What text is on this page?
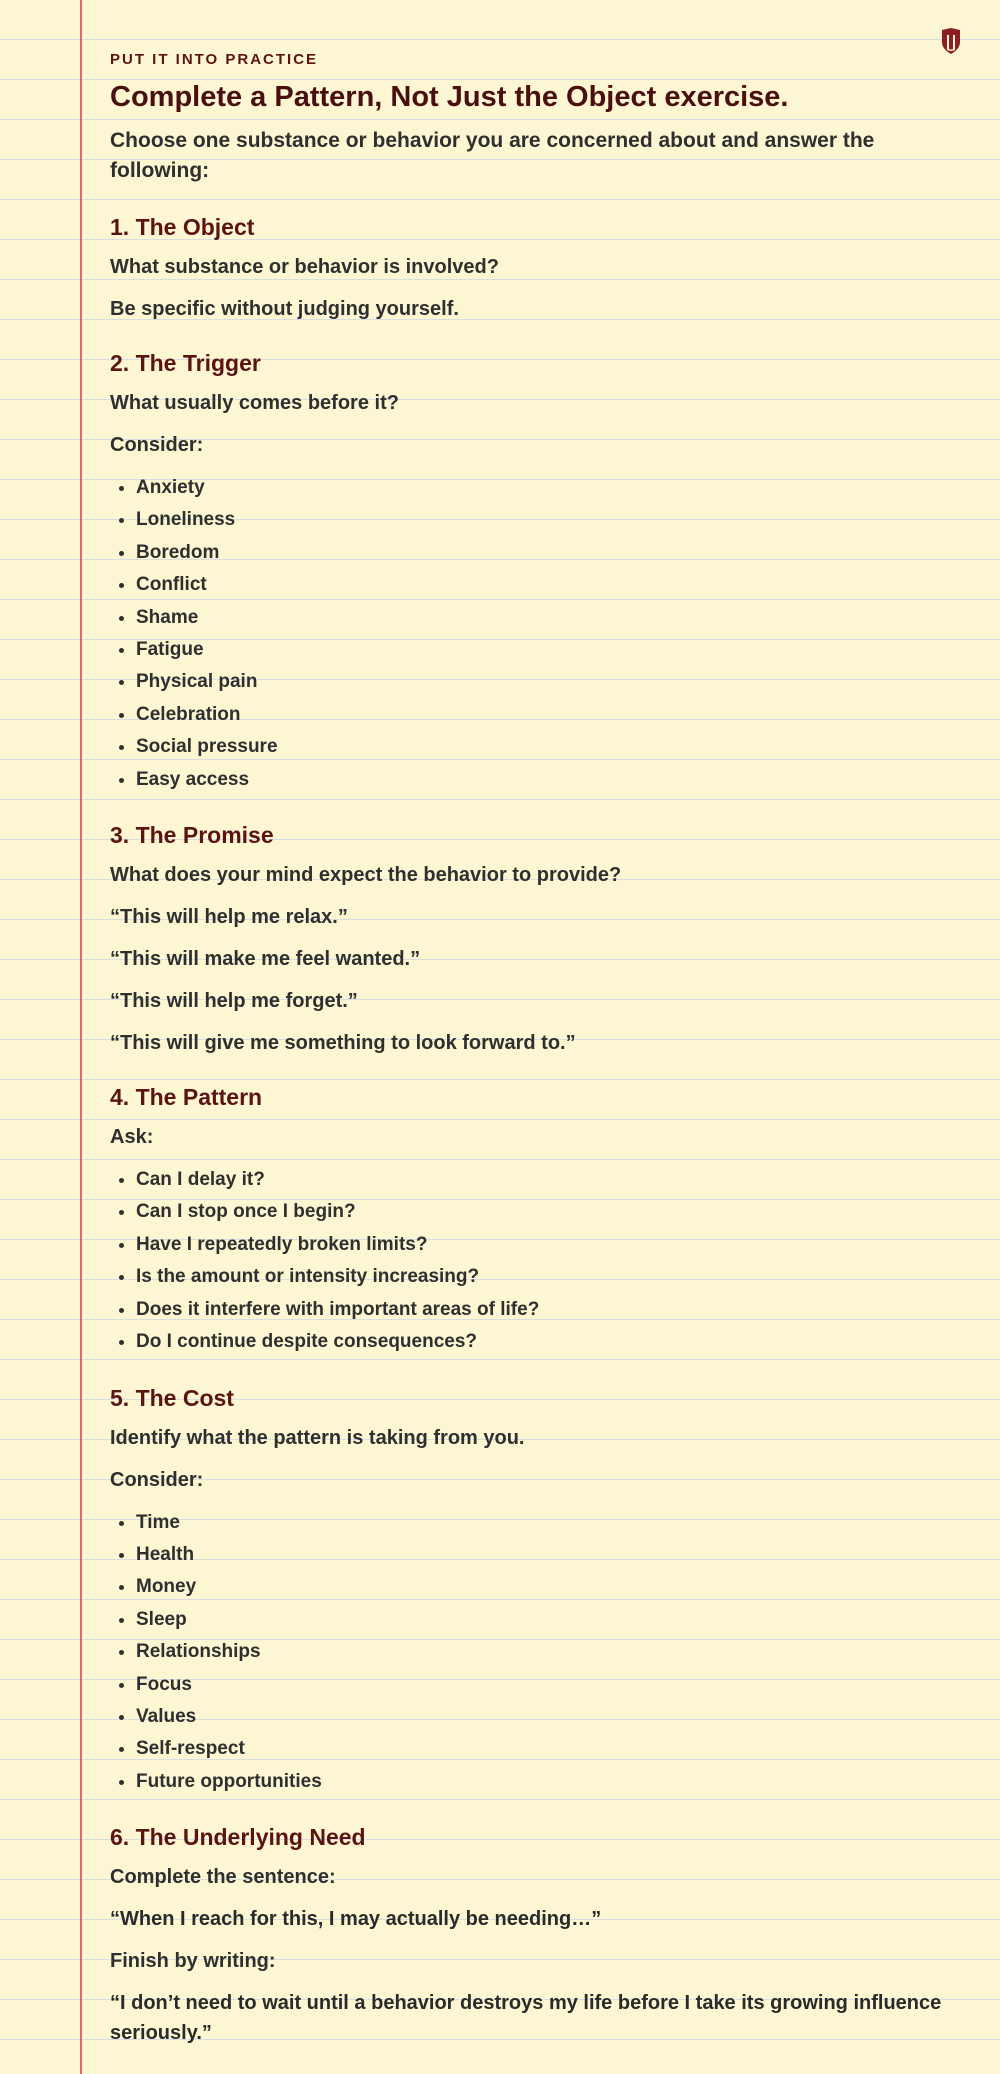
PUT IT INTO PRACTICE
Complete a Pattern, Not Just the Object exercise.

Choose one substance or behavior you are concerned about and answer the following:

1. The Object

What substance or behavior is involved?

Be specific without judging yourself.

2. The Trigger

What usually comes before it?

Consider:

• Anxiety
• Loneliness
• Boredom
• Conflict
• Shame
• Fatigue
• Physical pain
• Celebration
• Social pressure
• Easy access
3. The Promise

What does your mind expect the behavior to provide?

“This will help me relax.”

“This will make me feel wanted.”

“This will help me forget.”

“This will give me something to look forward to.”

4. The Pattern

Ask:

• Can I delay it?
• Can I stop once I begin?
• Have I repeatedly broken limits?
• Is the amount or intensity increasing?
• Does it interfere with important areas of life?
• Do I continue despite consequences?
5. The Cost

Identify what the pattern is taking from you.

Consider:

• Time
• Health
• Money
• Sleep
• Relationships
• Focus
• Values
• Self-respect
• Future opportunities
6. The Underlying Need

Complete the sentence:

“When I reach for this, I may actually be needing…”

Finish by writing:

“I don’t need to wait until a behavior destroys my life before I take its growing influence seriously.”
